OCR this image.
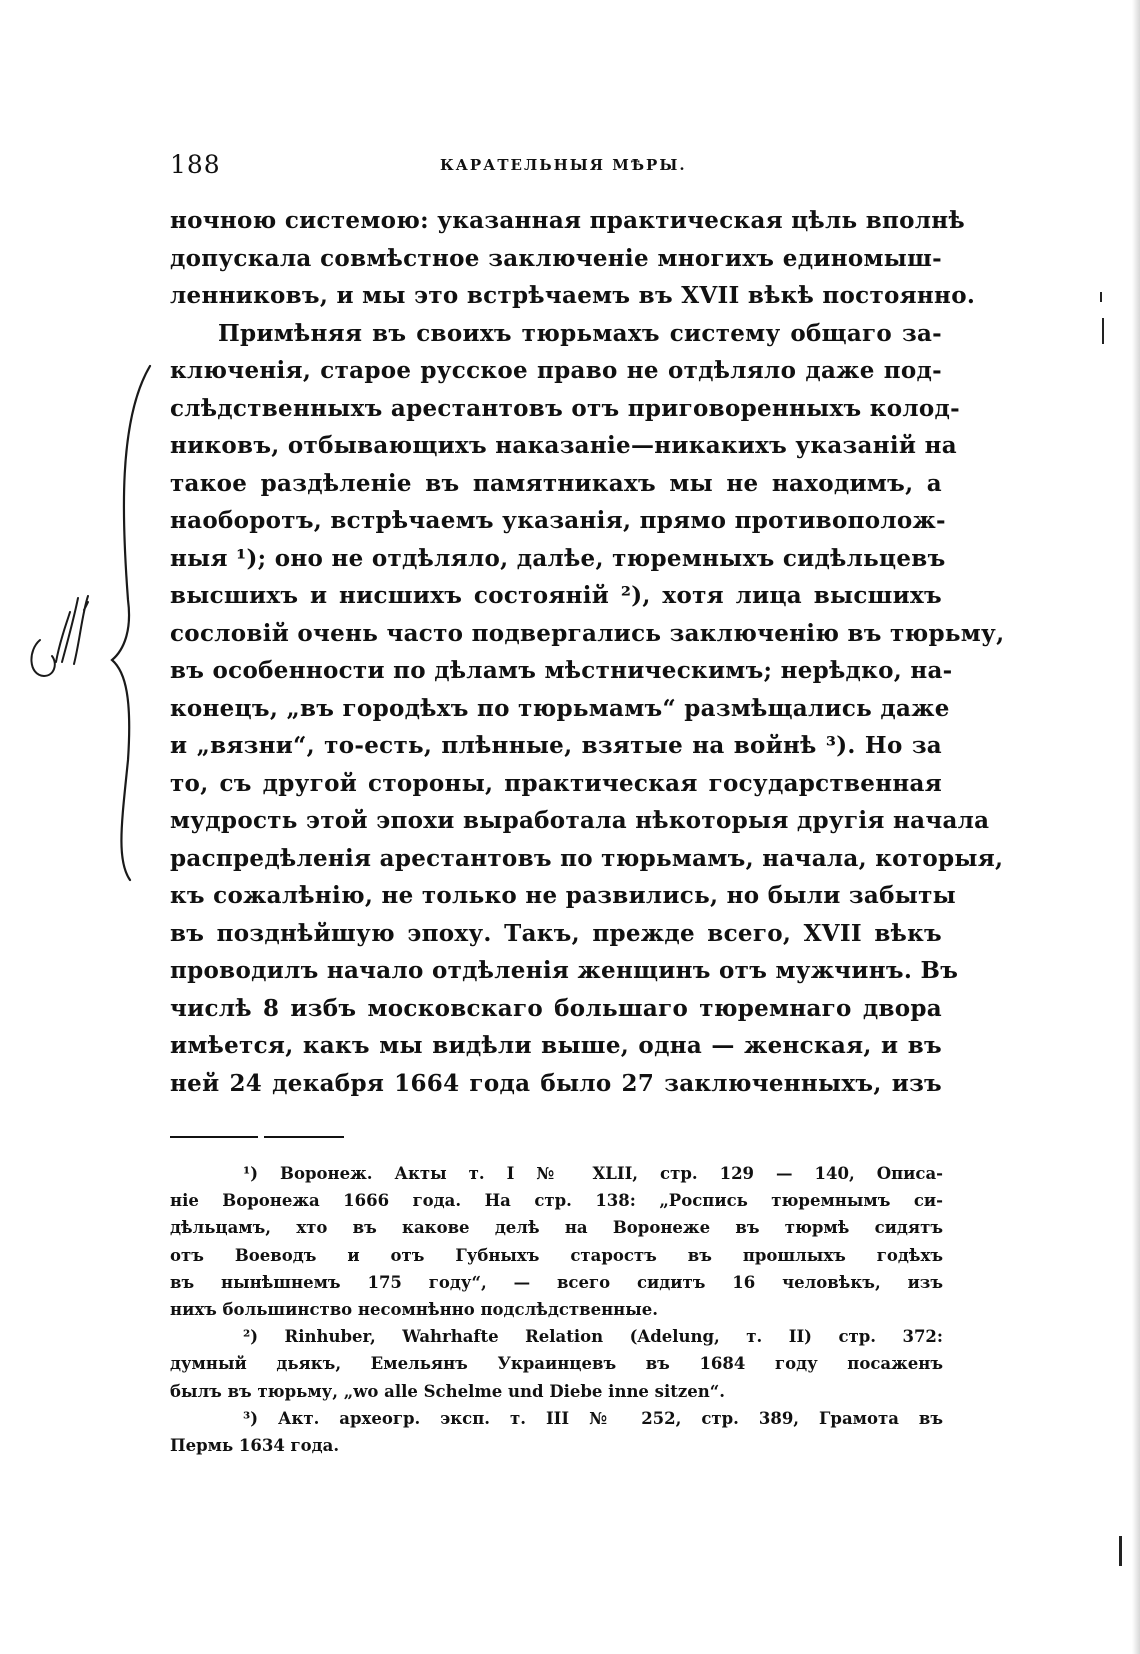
188	КАРАТЕЛЬНЫЯ МѢРЫ.
ночною системою: указанная практическая цѣль вполнѣ
допускала совмѣстное заключенiе многихъ единомыш-
ленниковъ, и мы это встрѣчаемъ въ XVII вѣкѣ постоянно.
Примѣняя въ своихъ тюрьмахъ систему общаго за-
ключенiя, старое русское право не отдѣляло даже под-
слѣдственныхъ арестантовъ отъ приговоренныхъ колод-
никовъ, отбывающихъ наказанiе—никакихъ указанiй на
такое раздѣленiе въ памятникахъ мы не находимъ, а
наоборотъ, встрѣчаемъ указанiя, прямо противополож-
ныя ¹); оно не отдѣляло, далѣе, тюремныхъ сидѣльцевъ
высшихъ и нисшихъ состоянiй ²), хотя лица высшихъ
сословiй очень часто подвергались заключенiю въ тюрьму,
въ особенности по дѣламъ мѣстническимъ; нерѣдко, на-
конецъ, „въ городѣхъ по тюрьмамъ“ размѣщались даже
и „вязни“, то-есть, плѣнные, взятые на войнѣ ³). Но за
то, съ другой стороны, практическая государственная
мудрость этой эпохи выработала нѣкоторыя другiя начала
распредѣленiя арестантовъ по тюрьмамъ, начала, которыя,
къ сожалѣнiю, не только не развились, но были забыты
въ позднѣйшую эпоху. Такъ, прежде всего, XVII вѣкъ
проводилъ начало отдѣленiя женщинъ отъ мужчинъ. Въ
числѣ 8 избъ московскаго большаго тюремнаго двора
имѣется, какъ мы видѣли выше, одна — женская, и въ
ней 24 декабря 1664 года было 27 заключенныхъ, изъ
¹) Воронеж. Акты т. I № XLII, стр. 129 — 140, Описа-
нiе Воронежа 1666 года. На стр. 138: „Роспись тюремнымъ си-
дѣльцамъ, хто въ какове делѣ на Воронеже въ тюрмѣ сидятъ
отъ Воеводъ и отъ Губныхъ старостъ въ прошлыхъ годѣхъ
въ нынѣшнемъ 175 году“, — всего сидитъ 16 человѣкъ, изъ
нихъ большинство несомнѣнно подслѣдственные.
²) Rinhuber, Wahrhafte Relation (Adelung, т. II) стр. 372:
думный дьякъ, Емельянъ Украинцевъ въ 1684 году посаженъ
былъ въ тюрьму, „wo alle Schelme und Diebe inne sitzen“.
³) Акт. археогр. эксп. т. III № 252, стр. 389, Грамота въ
Пермь 1634 года.
